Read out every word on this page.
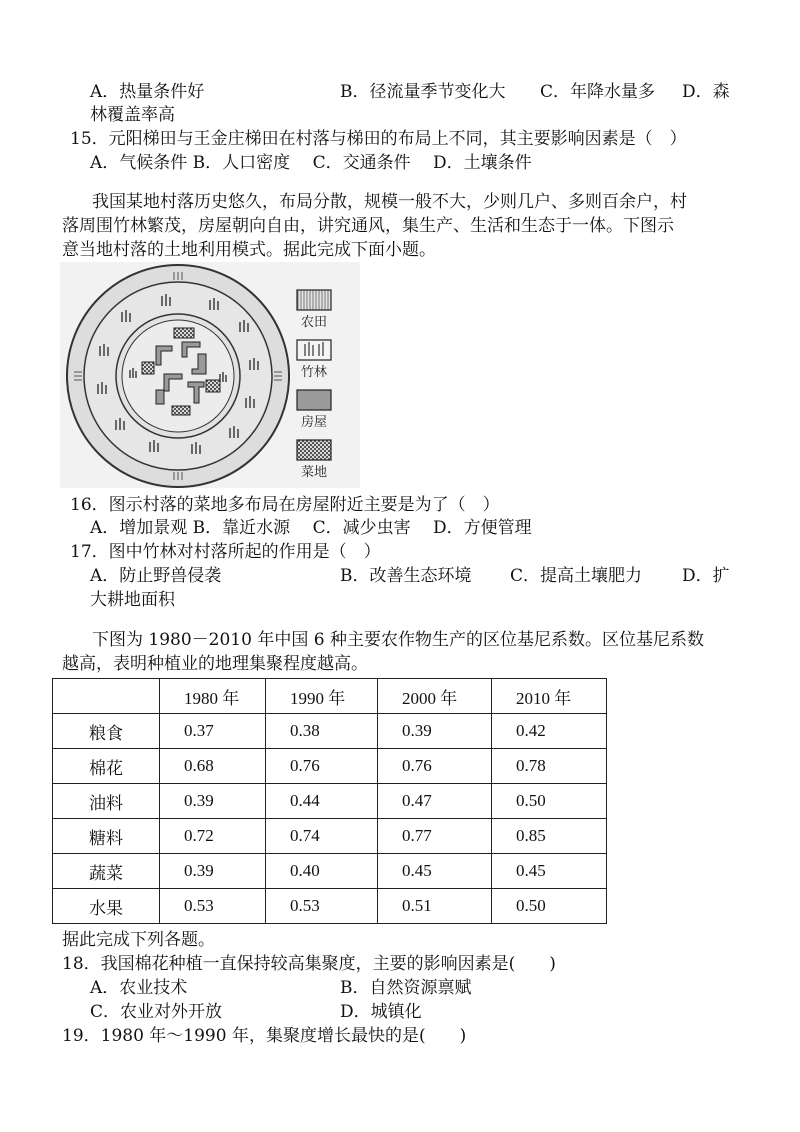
A．热量条件好	B．径流量季节变化大 C．年降水量多 D．森
林覆盖率高
15．元阳梯田与王金庄梯田在村落与梯田的布局上不同，其主要影响因素是（　）
A．气候条件 B．人口密度　 C．交通条件　 D．土壤条件
我国某地村落历史悠久，布局分散，规模一般不大，少则几户、多则百余户，村
落周围竹林繁茂，房屋朝向自由，讲究通风，集生产、生活和生态于一体。下图示
意当地村落的土地利用模式。据此完成下面小题。
农田
竹林
房屋
菜地
16．图示村落的菜地多布局在房屋附近主要是为了（　）
A．增加景观 B．靠近水源　 C．减少虫害　 D．方便管理
17．图中竹林对村落所起的作用是（　）
A．防止野兽侵袭	B．改善生态环境 C．提高土壤肥力 D．扩
大耕地面积
下图为 1980－2010 年中国 6 种主要农作物生产的区位基尼系数。区位基尼系数
越高，表明种植业的地理集聚程度越高。
	1980 年	1990 年	2000 年	2010 年
粮食	0.37	0.38	0.39	0.42
棉花	0.68	0.76	0.76	0.78
油料	0.39	0.44	0.47	0.50
糖料	0.72	0.74	0.77	0.85
蔬菜	0.39	0.40	0.45	0.45
水果	0.53	0.53	0.51	0.50
据此完成下列各题。
18．我国棉花种植一直保持较高集聚度，主要的影响因素是(　　)
A．农业技术	B．自然资源禀赋
C．农业对外开放	D．城镇化
19．1980 年～1990 年，集聚度增长最快的是(　　)
